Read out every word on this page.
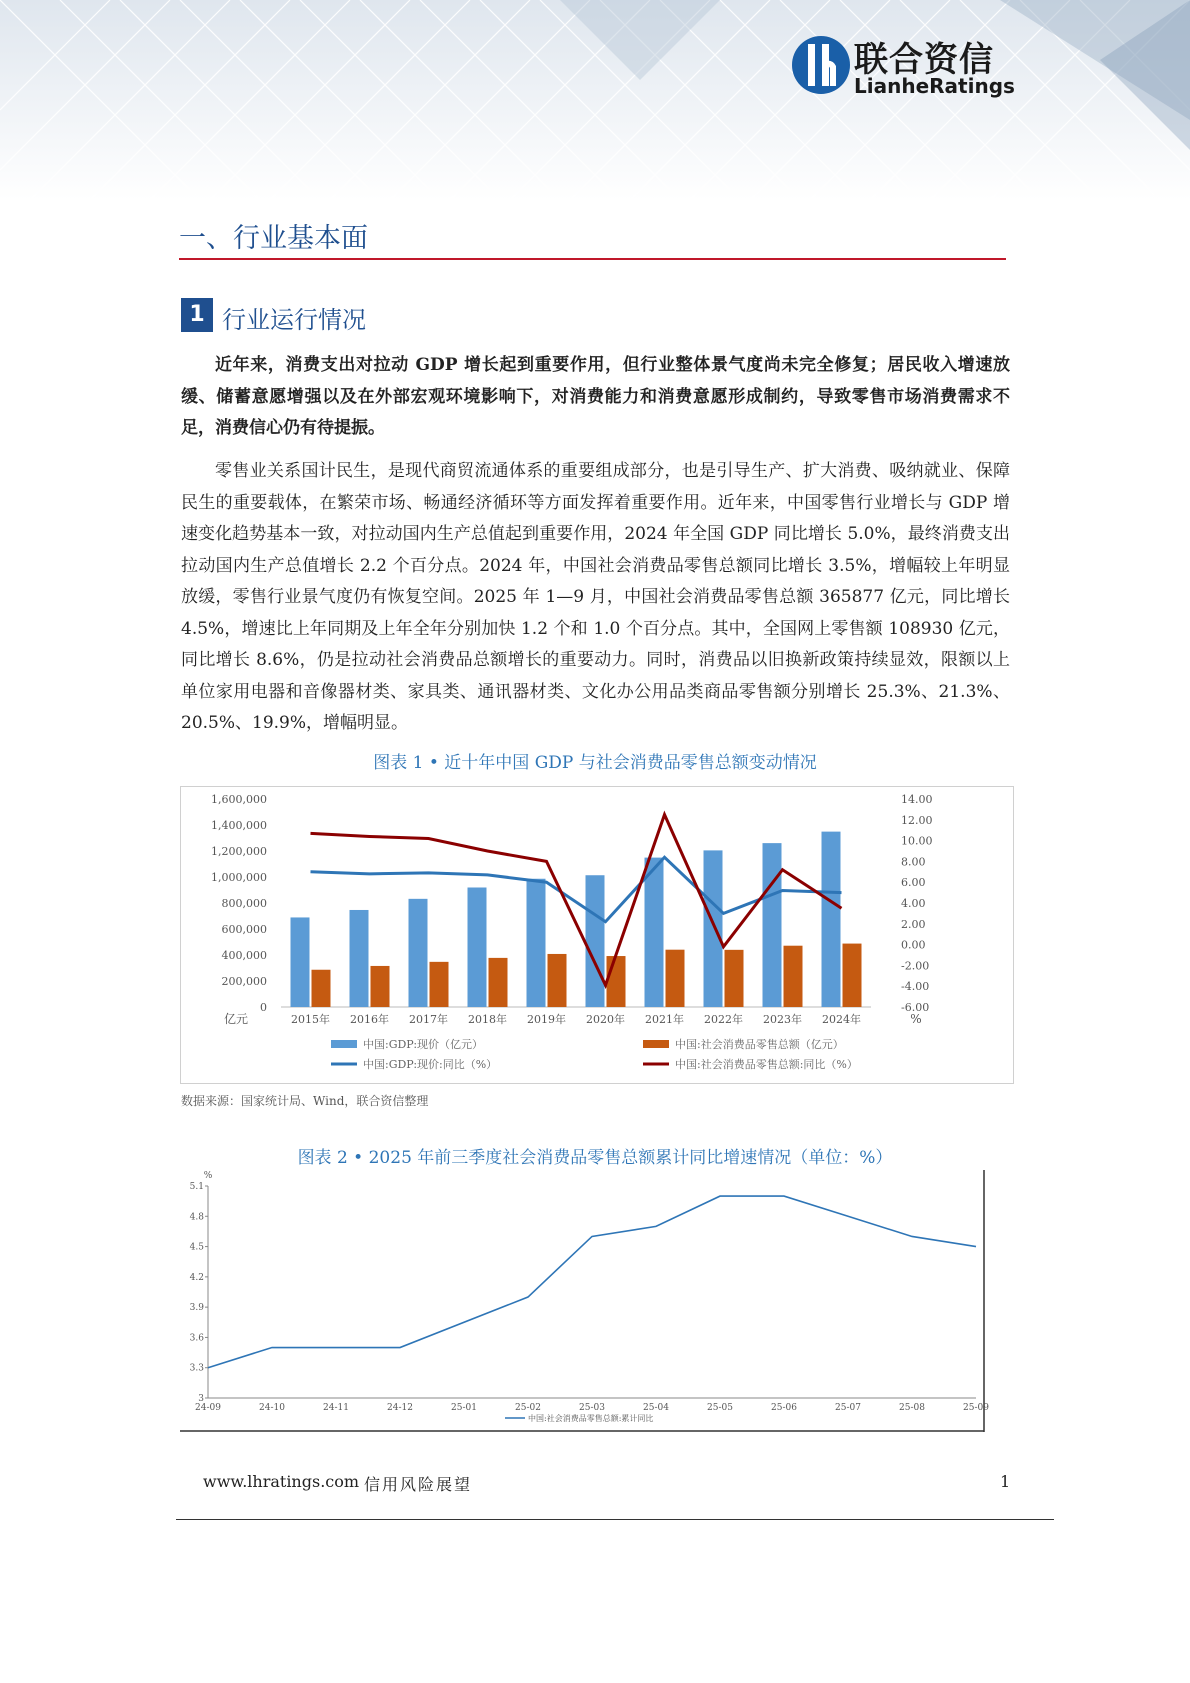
联合资信
LianheRatings
一、行业基本面
1 行业运行情况

近年来，消费支出对拉动 GDP 增长起到重要作用，但行业整体景气度尚未完全修复；居民收入增速放缓、储蓄意愿增强以及在外部宏观环境影响下，对消费能力和消费意愿形成制约，导致零售市场消费需求不足，消费信心仍有待提振。

零售业关系国计民生，是现代商贸流通体系的重要组成部分，也是引导生产、扩大消费、吸纳就业、保障民生的重要载体，在繁荣市场、畅通经济循环等方面发挥着重要作用。近年来，中国零售行业增长与 GDP 增速变化趋势基本一致，对拉动国内生产总值起到重要作用，2024 年全国 GDP 同比增长 5.0%，最终消费支出拉动国内生产总值增长 2.2 个百分点。2024 年，中国社会消费品零售总额同比增长 3.5%，增幅较上年明显放缓，零售行业景气度仍有恢复空间。2025 年 1—9 月，中国社会消费品零售总额 365877 亿元，同比增长 4.5%，增速比上年同期及上年全年分别加快 1.2 个和 1.0 个百分点。其中，全国网上零售额 108930 亿元，同比增长 8.6%，仍是拉动社会消费品总额增长的重要动力。同时，消费品以旧换新政策持续显效，限额以上单位家用电器和音像器材类、家具类、通讯器材类、文化办公用品类商品零售额分别增长 25.3%、21.3%、20.5%、19.9%，增幅明显。

图表 1 • 近十年中国 GDP 与社会消费品零售总额变动情况
1,600,000
1,400,000
1,200,000
1,000,000
800,000
600,000
400,000
200,000
0
14.00
12.00
10.00
8.00
6.00
4.00
2.00
0.00
-2.00
-4.00
-6.00
2015年 2016年 2017年 2018年 2019年 2020年 2021年 2022年 2023年 2024年
亿元	%
中国:GDP:现价（亿元）	中国:社会消费品零售总额（亿元）
中国:GDP:现价:同比（%）	中国:社会消费品零售总额:同比（%）
数据来源：国家统计局、Wind，联合资信整理
图表 2 • 2025 年前三季度社会消费品零售总额累计同比增速情况（单位：%）
%
5.1
4.8
4.5
4.2
3.9
3.6
3.3
3
24-09	24-10	24-11	24-12	25-01	25-02	25-03	25-04	25-05	25-06	25-07	25-08	25-09
中国:社会消费品零售总额:累计同比
www.lhratings.com 信用风险展望	1
